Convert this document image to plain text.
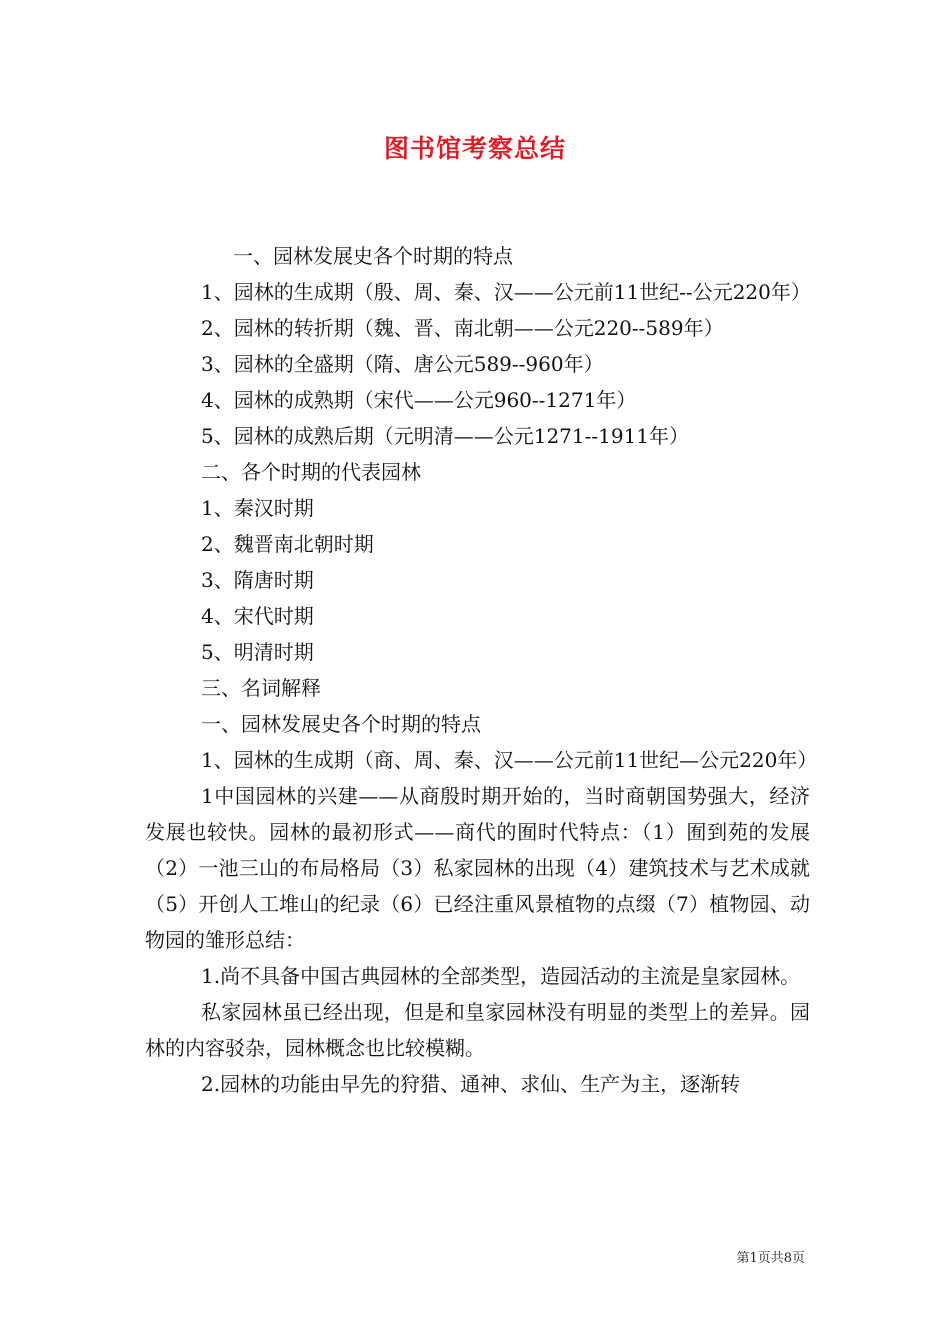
图书馆考察总结

一、园林发展史各个时期的特点

1、园林的生成期（殷、周、秦、汉——公元前11世纪--公元220年）

2、园林的转折期（魏、晋、南北朝——公元220--589年）

3、园林的全盛期（隋、唐公元589--960年）

4、园林的成熟期（宋代——公元960--1271年）

5、园林的成熟后期（元明清——公元1271--1911年）

二、各个时期的代表园林

1、秦汉时期

2、魏晋南北朝时期

3、隋唐时期

4、宋代时期

5、明清时期

三、名词解释

一、园林发展史各个时期的特点

1、园林的生成期（商、周、秦、汉——公元前11世纪—公元220年）

1中国园林的兴建——从商殷时期开始的，当时商朝国势强大，经济发展也较快。园林的最初形式——商代的囿时代特点：（1）囿到苑的发展（2）一池三山的布局格局（3）私家园林的出现（4）建筑技术与艺术成就（5）开创人工堆山的纪录（6）已经注重风景植物的点缀（7）植物园、动物园的雏形总结：

1.尚不具备中国古典园林的全部类型，造园活动的主流是皇家园林。

私家园林虽已经出现，但是和皇家园林没有明显的类型上的差异。园林的内容驳杂，园林概念也比较模糊。

2.园林的功能由早先的狩猎、通神、求仙、生产为主，逐渐转

第1页共8页
